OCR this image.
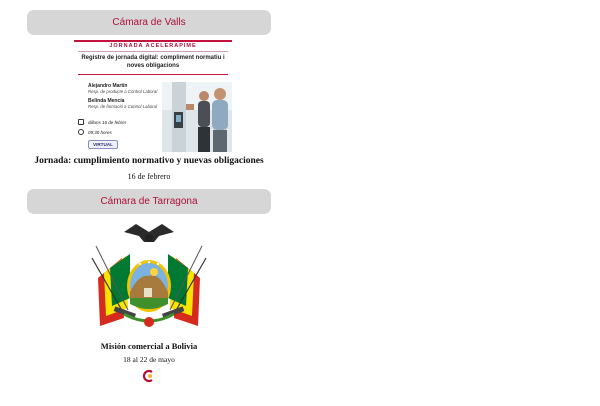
Cámara de Valls
JORNADA ACELERAPIME
Registre de jornada digital: compliment normatiu i noves obligacions
Alejandro Martín
Resp. de producte a Control Laboral
Belinda Mencía
Resp. de formació a Control Laboral
dilluns 16 de febrer
09:30 hores
VIRTUAL
Jornada: cumplimiento normativo y nuevas obligaciones
16 de febrero
Cámara de Tarragona
Misión comercial a Bolivia
18 al 22 de mayo
